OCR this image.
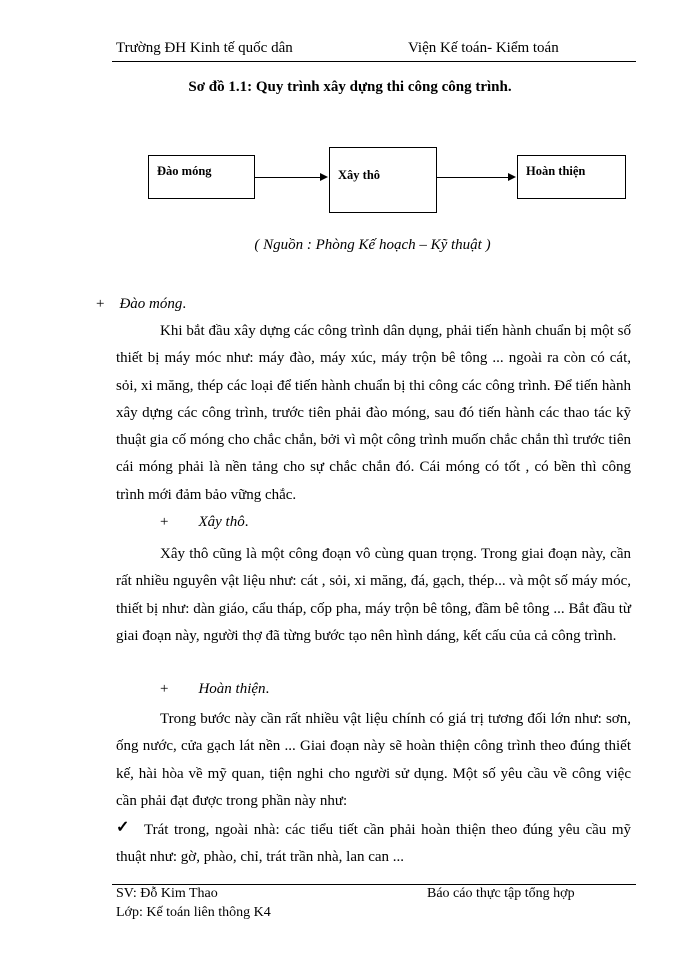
Trường ĐH Kinh tế quốc dân	Viện Kế toán- Kiểm toán
Sơ đồ 1.1: Quy trình xây dựng thi công công trình.
Đào móng	Xây thô	Hoàn thiện
( Nguồn : Phòng Kế hoạch – Kỹ thuật )
+ Đào móng.

Khi bắt đầu xây dựng các công trình dân dụng, phải tiến hành chuẩn bị một số thiết bị máy móc như: máy đào, máy xúc, máy trộn bê tông ... ngoài ra còn có cát, sỏi, xi măng, thép các loại để tiến hành chuẩn bị thi công các công trình. Để tiến hành xây dựng các công trình, trước tiên phải đào móng, sau đó tiến hành các thao tác kỹ thuật gia cố móng cho chắc chắn, bởi vì một công trình muốn chắc chắn thì trước tiên cái móng phải là nền tảng cho sự chắc chắn đó. Cái móng có tốt , có bền thì công trình mới đảm bảo vững chắc.

+ Xây thô.

Xây thô cũng là một công đoạn vô cùng quan trọng. Trong giai đoạn này, cần rất nhiều nguyên vật liệu như: cát , sỏi, xi măng, đá, gạch, thép... và một số máy móc, thiết bị như: dàn giáo, cẩu tháp, cốp pha, máy trộn bê tông, đầm bê tông ... Bắt đầu từ giai đoạn này, người thợ đã từng bước tạo nên hình dáng, kết cấu của cả công trình.

+ Hoàn thiện.

Trong bước này cần rất nhiều vật liệu chính có giá trị tương đối lớn như: sơn, ống nước, cửa gạch lát nền ... Giai đoạn này sẽ hoàn thiện công trình theo đúng thiết kế, hài hòa về mỹ quan, tiện nghi cho người sử dụng. Một số yêu cầu về công việc cần phải đạt được trong phần này như:

✓ Trát trong, ngoài nhà: các tiểu tiết cần phải hoàn thiện theo đúng yêu cầu mỹ thuật như: gờ, phào, chỉ, trát trần nhà, lan can ...

SV: Đỗ Kim Thao	Báo cáo thực tập tổng hợp
Lớp: Kế toán liên thông K4
